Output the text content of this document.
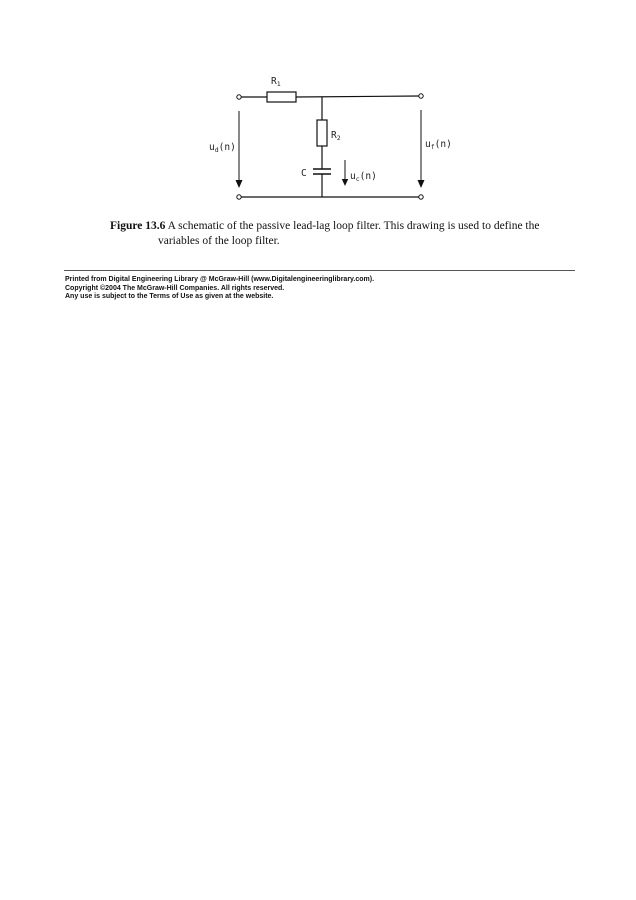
$R_1$
$R_2$
C
$u_d(n)$	$u_f(n)$
$u_c(n)$
Figure 13.6 A schematic of the passive lead-lag loop filter. This drawing is used to define the
variables of the loop filter.
Printed from Digital Engineering Library @ McGraw-Hill (www.Digitalengineeringlibrary.com).
Copyright ©2004 The McGraw-Hill Companies. All rights reserved.
Any use is subject to the Terms of Use as given at the website.
